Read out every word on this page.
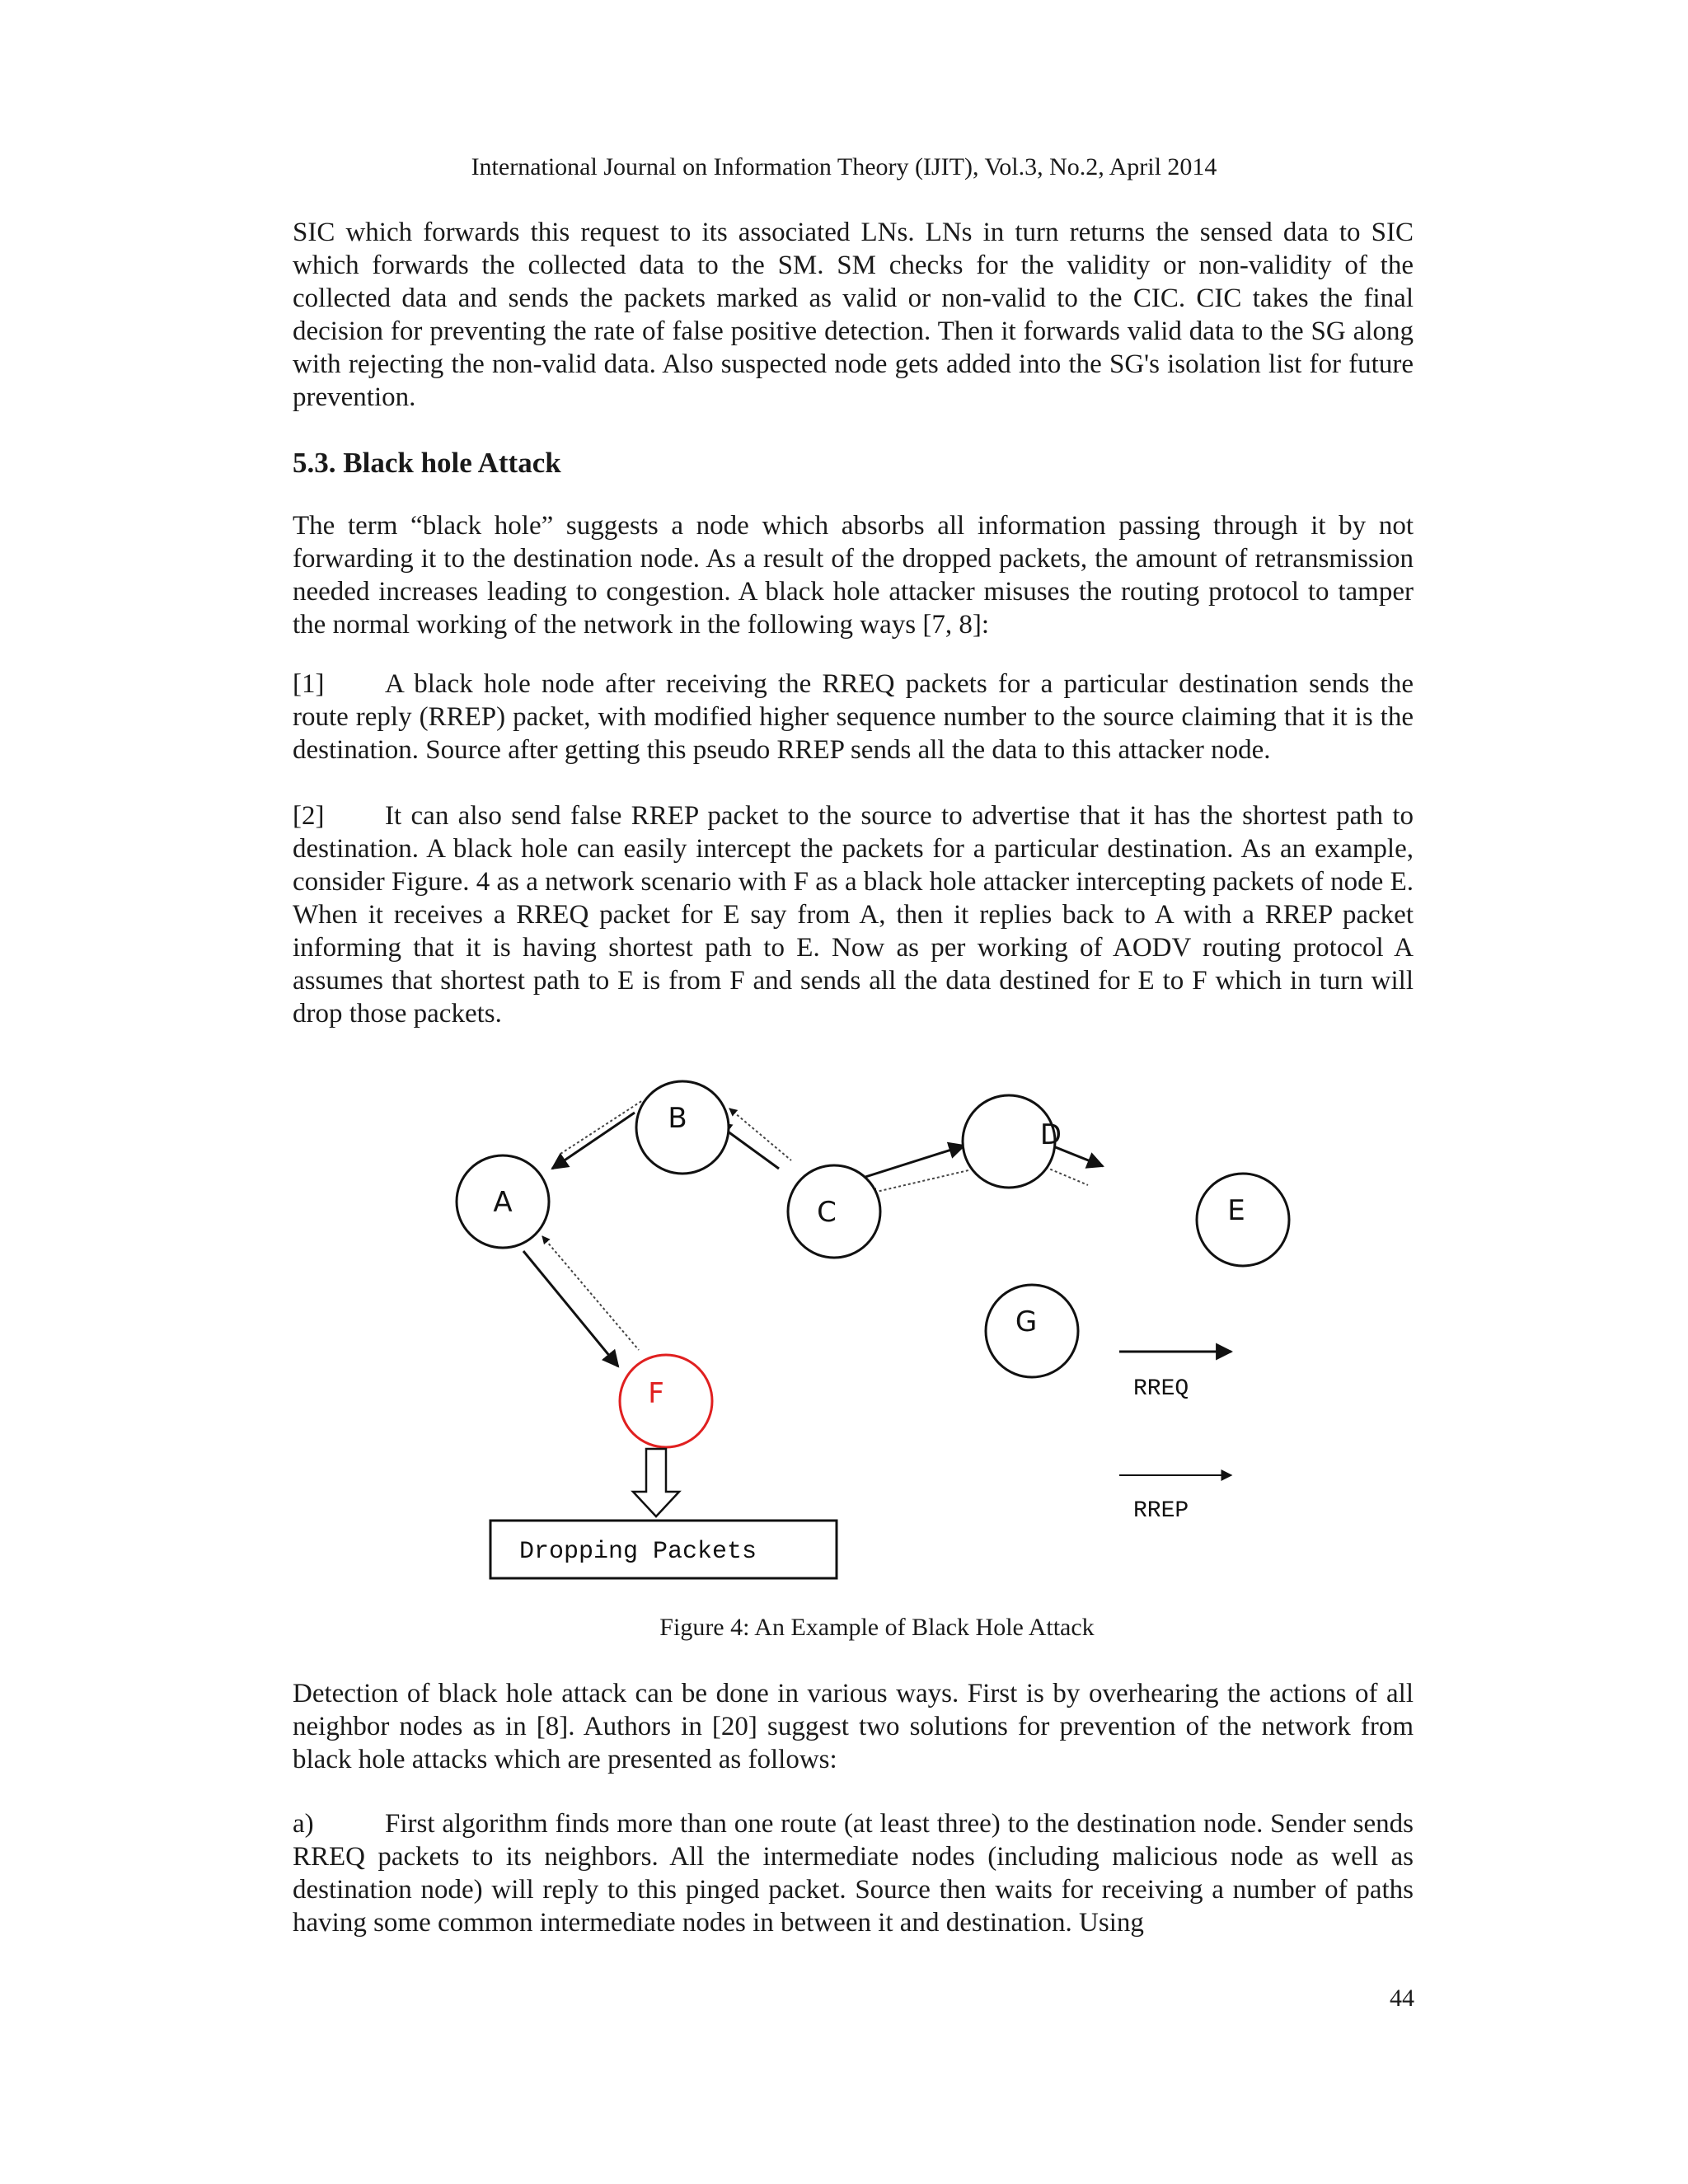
International Journal on Information Theory (IJIT), Vol.3, No.2, April 2014

SIC which forwards this request to its associated LNs. LNs in turn returns the sensed data to SIC which forwards the collected data to the SM. SM checks for the validity or non-validity of the collected data and sends the packets marked as valid or non-valid to the CIC. CIC takes the final decision for preventing the rate of false positive detection. Then it forwards valid data to the SG along with rejecting the non-valid data. Also suspected node gets added into the SG's isolation list for future prevention.

5.3. Black hole Attack

The term “black hole” suggests a node which absorbs all information passing through it by not forwarding it to the destination node. As a result of the dropped packets, the amount of retransmission needed increases leading to congestion. A black hole attacker misuses the routing protocol to tamper the normal working of the network in the following ways [7, 8]:

[1] A black hole node after receiving the RREQ packets for a particular destination sends the route reply (RREP) packet, with modified higher sequence number to the source claiming that it is the destination. Source after getting this pseudo RREP sends all the data to this attacker node.

[2] It can also send false RREP packet to the source to advertise that it has the shortest path to destination. A black hole can easily intercept the packets for a particular destination. As an example, consider Figure. 4 as a network scenario with F as a black hole attacker intercepting packets of node E. When it receives a RREQ packet for E say from A, then it replies back to A with a RREP packet informing that it is having shortest path to E. Now as per working of AODV routing protocol A assumes that shortest path to E is from F and sends all the data destined for E to F which in turn will drop those packets.

A
B
C
D
E
G
F
Dropping Packets
RREQ
RREP
Figure 4: An Example of Black Hole Attack

Detection of black hole attack can be done in various ways. First is by overhearing the actions of all neighbor nodes as in [8]. Authors in [20] suggest two solutions for prevention of the network from black hole attacks which are presented as follows:

a)	First algorithm finds more than one route (at least three) to the destination node. Sender sends RREQ packets to its neighbors. All the intermediate nodes (including malicious node as well as destination node) will reply to this pinged packet. Source then waits for receiving a number of paths having some common intermediate nodes in between it and destination. Using

44
